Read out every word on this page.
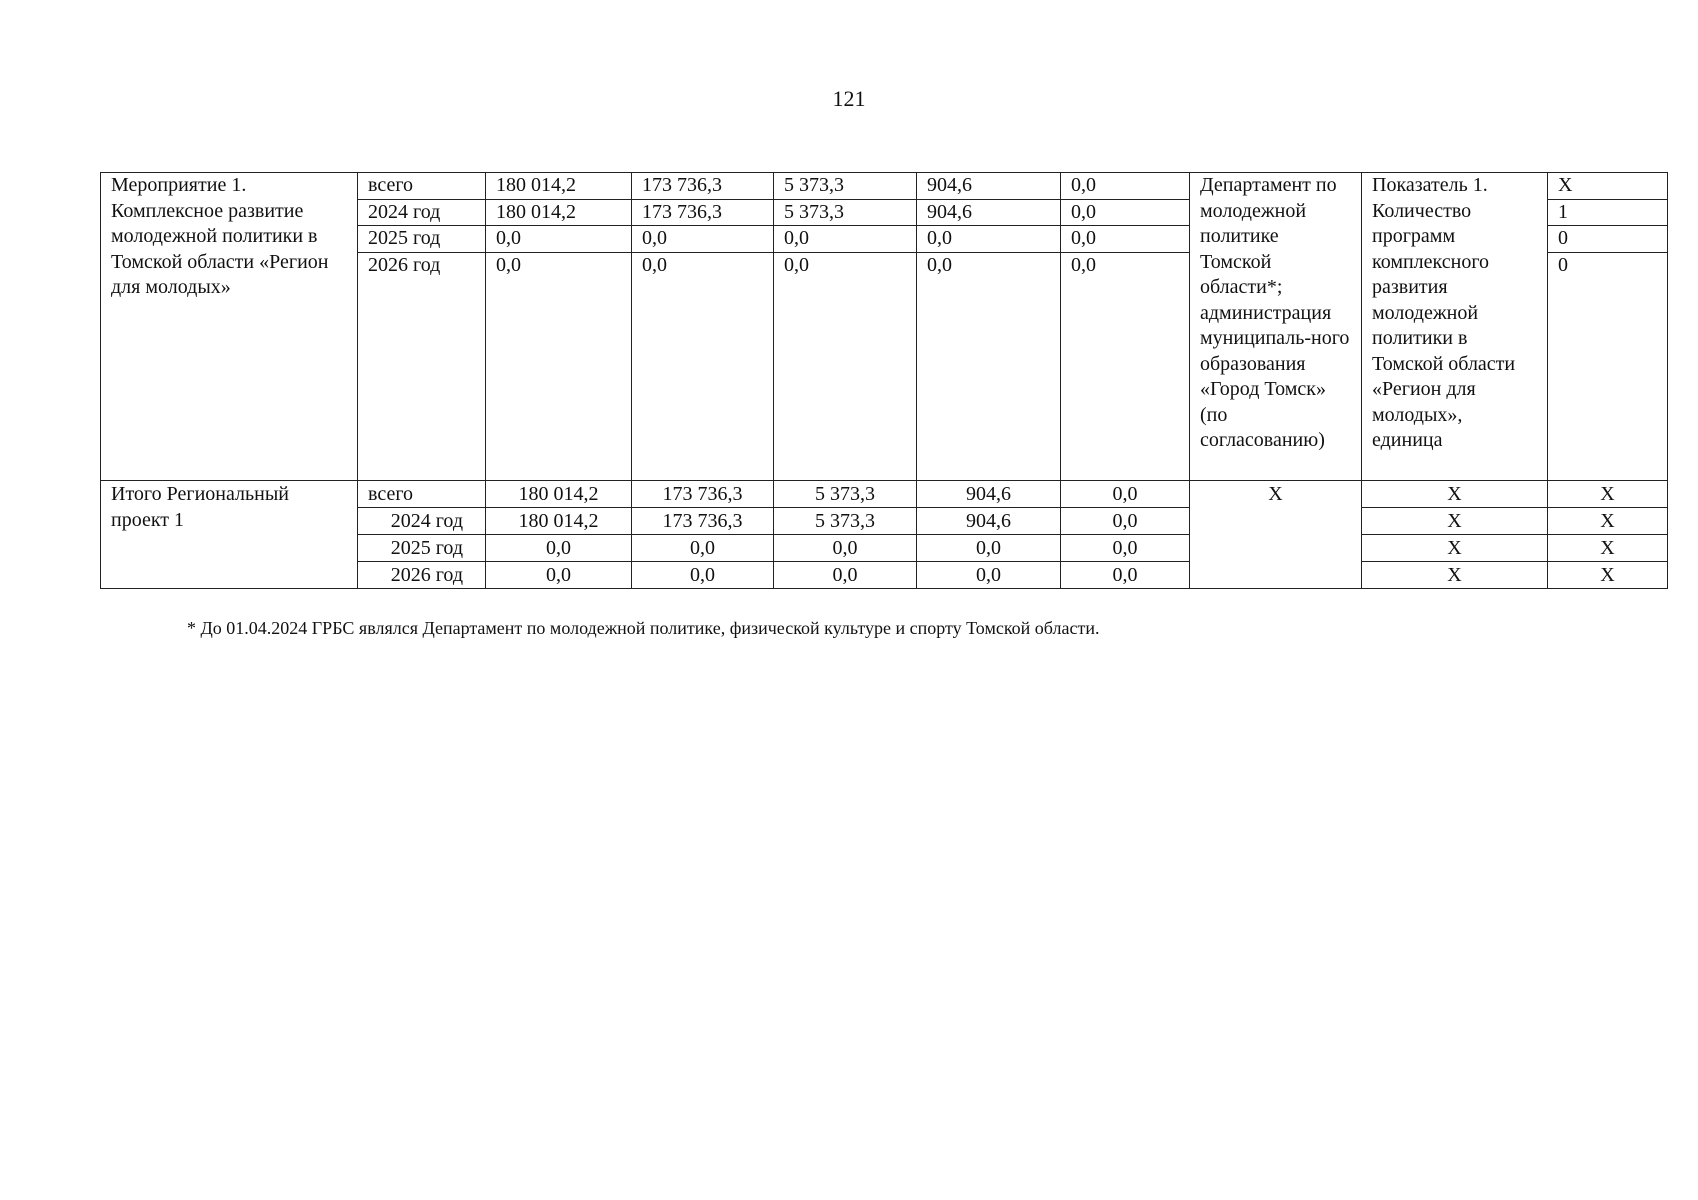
121
Мероприятие 1. Комплексное развитие молодежной политики в Томской области «Регион для молодых»	всего	180 014,2	173 736,3	5 373,3	904,6	0,0	Департамент по молодежной политике Томской области*; администрация муниципаль-ного образования «Город Томск» (по согласованию)	Показатель 1. Количество программ комплексного развития молодежной политики в Томской области «Регион для молодых», единица	Х
	2024 год	180 014,2	173 736,3	5 373,3	904,6	0,0			1
	2025 год	0,0	0,0	0,0	0,0	0,0			0
	2026 год	0,0	0,0	0,0	0,0	0,0			0
Итого Региональный проект 1	всего	180 014,2	173 736,3	5 373,3	904,6	0,0	Х	Х	Х
	2024 год	180 014,2	173 736,3	5 373,3	904,6	0,0		Х	Х
	2025 год	0,0	0,0	0,0	0,0	0,0		Х	Х
	2026 год	0,0	0,0	0,0	0,0	0,0		Х	Х
* До 01.04.2024 ГРБС являлся Департамент по молодежной политике, физической культуре и спорту Томской области.
